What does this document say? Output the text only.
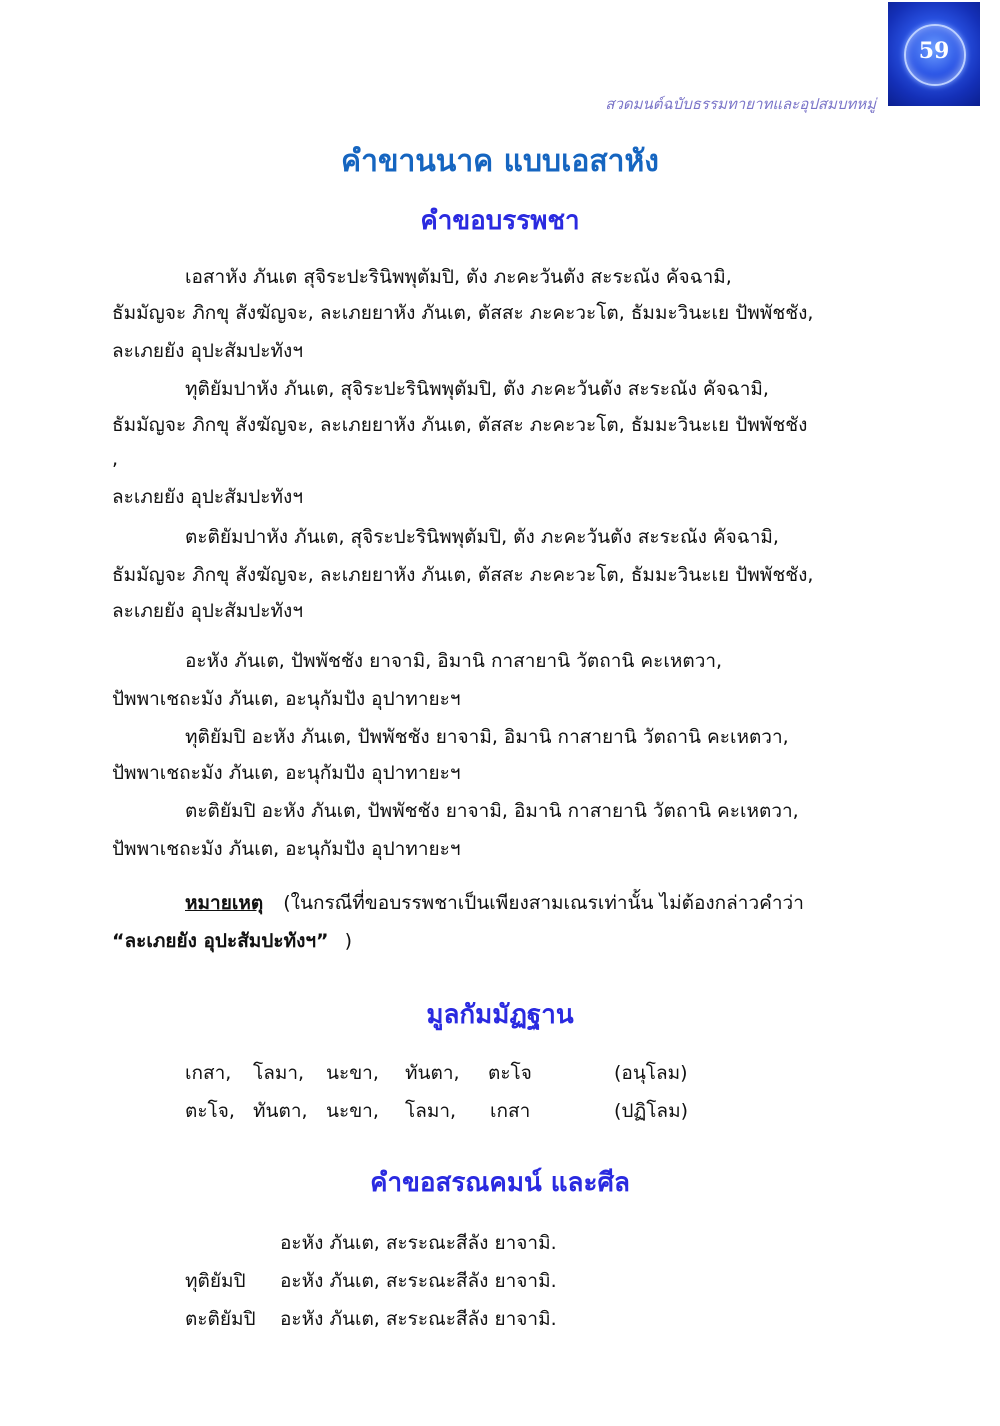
59
สวดมนต์ฉบับธรรมทายาทและอุปสมบทหมู่
คำขานนาค แบบเอสาหัง
คำขอบรรพชา
เอสาหัง ภันเต สุจิระปะรินิพพุตัมปิ, ตัง ภะคะวันตัง สะระณัง คัจฉามิ,
ธัมมัญจะ ภิกขุ สังฆัญจะ, ละเภยยาหัง ภันเต, ตัสสะ ภะคะวะโต, ธัมมะวินะเย ปัพพัชชัง,
ละเภยยัง อุปะสัมปะทังฯ
ทุติยัมปาหัง ภันเต, สุจิระปะรินิพพุตัมปิ, ตัง ภะคะวันตัง สะระณัง คัจฉามิ,
ธัมมัญจะ ภิกขุ สังฆัญจะ, ละเภยยาหัง ภันเต, ตัสสะ ภะคะวะโต, ธัมมะวินะเย ปัพพัชชัง
,
ละเภยยัง อุปะสัมปะทังฯ
ตะติยัมปาหัง ภันเต, สุจิระปะรินิพพุตัมปิ, ตัง ภะคะวันตัง สะระณัง คัจฉามิ,
ธัมมัญจะ ภิกขุ สังฆัญจะ, ละเภยยาหัง ภันเต, ตัสสะ ภะคะวะโต, ธัมมะวินะเย ปัพพัชชัง,
ละเภยยัง อุปะสัมปะทังฯ
อะหัง ภันเต, ปัพพัชชัง ยาจามิ, อิมานิ กาสายานิ วัตถานิ คะเหตวา,
ปัพพาเชถะมัง ภันเต, อะนุกัมปัง อุปาทายะฯ
ทุติยัมปิ อะหัง ภันเต, ปัพพัชชัง ยาจามิ, อิมานิ กาสายานิ วัตถานิ คะเหตวา,
ปัพพาเชถะมัง ภันเต, อะนุกัมปัง อุปาทายะฯ
ตะติยัมปิ อะหัง ภันเต, ปัพพัชชัง ยาจามิ, อิมานิ กาสายานิ วัตถานิ คะเหตวา,
ปัพพาเชถะมัง ภันเต, อะนุกัมปัง อุปาทายะฯ
หมายเหตุ (ในกรณีที่ขอบรรพชาเป็นเพียงสามเณรเท่านั้น ไม่ต้องกล่าวคำว่า
“ละเภยยัง อุปะสัมปะทังฯ” )
มูลกัมมัฏฐาน
เกสา, โลมา, นะขา, ทันตา, ตะโจ	(อนุโลม)
ตะโจ, ทันตา, นะขา, โลมา, เกสา	(ปฏิโลม)
คำขอสรณคมน์ และศีล
อะหัง ภันเต, สะระณะสีลัง ยาจามิ.
ทุติยัมปิ อะหัง ภันเต, สะระณะสีลัง ยาจามิ.
ตะติยัมปิ อะหัง ภันเต, สะระณะสีลัง ยาจามิ.
